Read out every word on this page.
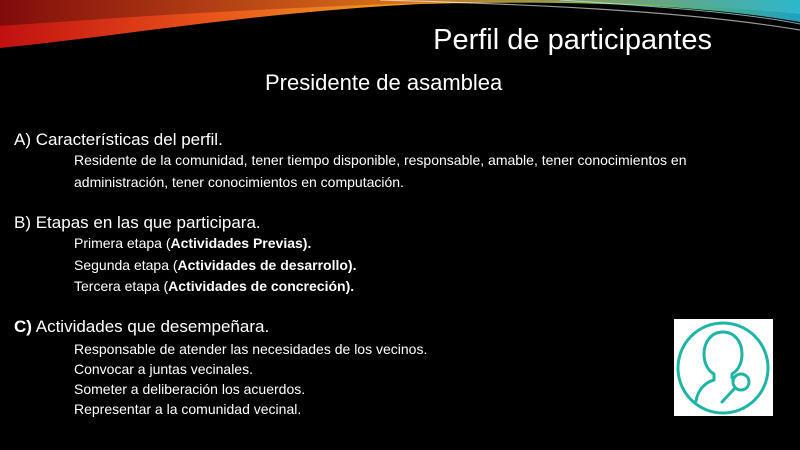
Perfil de participantes
Presidente de asamblea
A) Características del perfil.
Residente de la comunidad, tener tiempo disponible, responsable, amable, tener conocimientos en
administración, tener conocimientos en computación.
B) Etapas en las que participara.
Primera etapa (Actividades Previas).
Segunda etapa (Actividades de desarrollo).
Tercera etapa (Actividades de concreción).
C) Actividades que desempeñara.
Responsable de atender las necesidades de los vecinos.
Convocar a juntas vecinales.
Someter a deliberación los acuerdos.
Representar a la comunidad vecinal.
